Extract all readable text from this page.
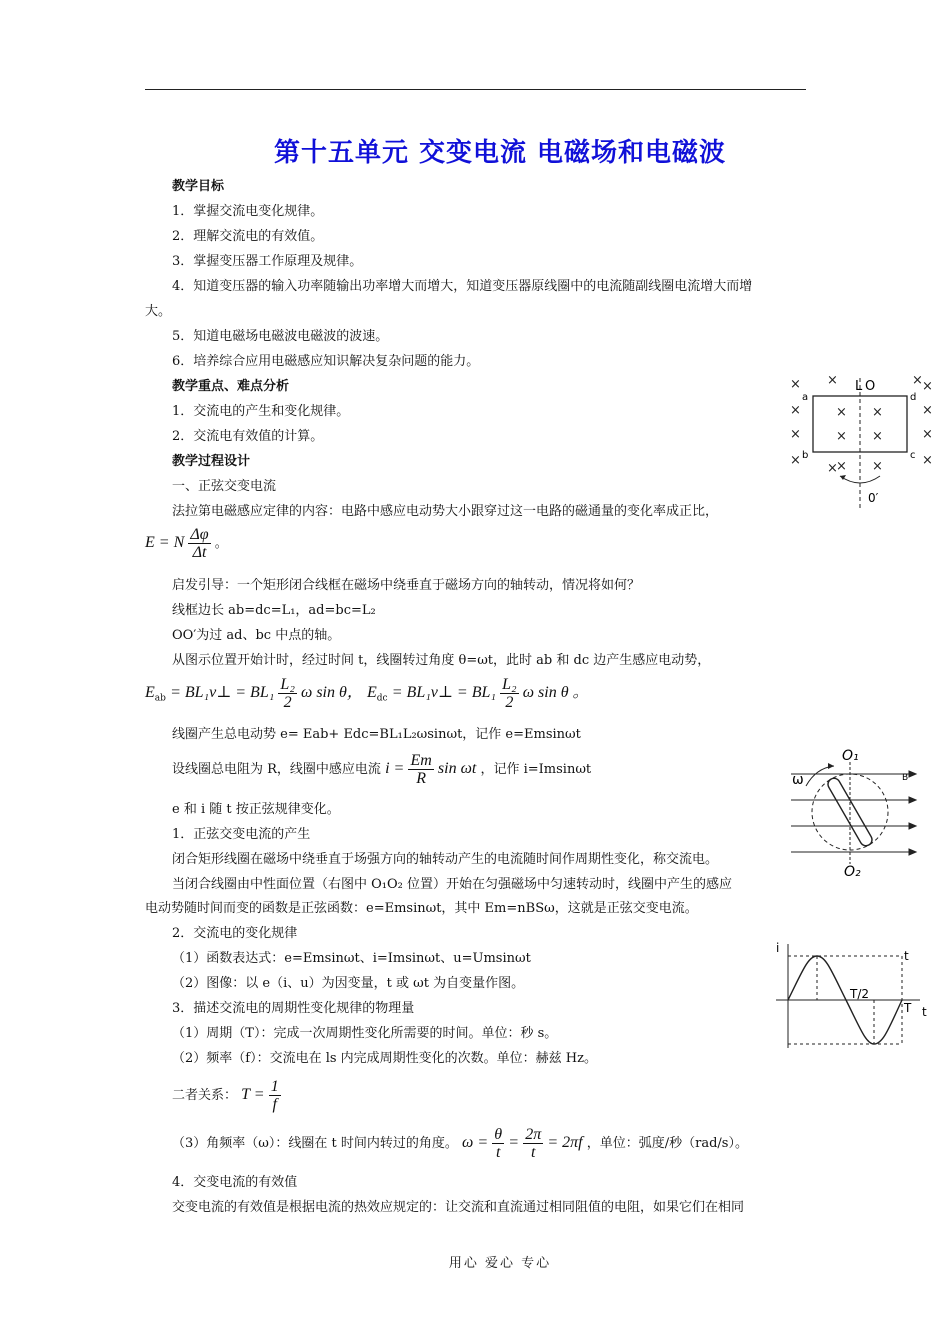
第十五单元 交变电流 电磁场和电磁波
教学目标
1．掌握交流电变化规律。
2．理解交流电的有效值。
3．掌握变压器工作原理及规律。
4．知道变压器的输入功率随输出功率增大而增大，知道变压器原线圈中的电流随副线圈电流增大而增
大。
5．知道电磁场电磁波电磁波的波速。
6．培养综合应用电磁感应知识解决复杂问题的能力。
教学重点、难点分析
1．交流电的产生和变化规律。
2．交流电有效值的计算。
教学过程设计
一、正弦交变电流
法拉第电磁感应定律的内容：电路中感应电动势大小跟穿过这一电路的磁通量的变化率成正比，
E = N $\frac{\Delta\varphi}{\Delta t}$ 。
启发引导：一个矩形闭合线框在磁场中绕垂直于磁场方向的轴转动，情况将如何？
线框边长 ab=dc=L₁，ad=bc=L₂
OO′为过 ad、bc 中点的轴。
从图示位置开始计时，经过时间 t，线圈转过角度 θ=ωt，此时 ab 和 dc 边产生感应电动势，
$E_{ab}$ = BL₁v⊥ = $BL_1 \frac{\text{L₂}}{2}$ ω sin θ， $E_{dc}$ = BL₁v⊥ = $BL_1 \frac{\text{L₂}}{2}$ ω sin θ 。
线圈产生总电动势 e= Eab+ Edc=BL₁L₂ωsinωt，记作 e=Emsinωt
设线圈总电阻为 R，线圈中感应电流 $i = \frac{Em}{R}$ sin ωt ，记作 i=Imsinωt
e 和 i 随 t 按正弦规律变化。
1．正弦交变电流的产生
闭合矩形线圈在磁场中绕垂直于场强方向的轴转动产生的电流随时间作周期性变化，称交流电。
当闭合线圈由中性面位置（右图中 O₁O₂ 位置）开始在匀强磁场中匀速转动时，线圈中产生的感应
电动势随时间而变的函数是正弦函数：e=Emsinωt，其中 Em=nBSω，这就是正弦交变电流。
2．交流电的变化规律
（1）函数表达式：e=Emsinωt、i=Imsinωt、u=Umsinωt
（2）图像：以 e（i、u）为因变量，t 或 ωt 为自变量作图。
3．描述交流电的周期性变化规律的物理量
（1）周期（T）：完成一次周期性变化所需要的时间。单位：秒 s。
（2）频率（f）：交流电在 ls 内完成周期性变化的次数。单位：赫兹 Hz。
二者关系： $T = \frac{1}{f}$
（3）角频率（ω）：线圈在 t 时间内转过的角度。 $\omega = \frac{\theta}{t} = \frac{2\pi}{t} = 2\pi f$ ，单位：弧度/秒（rad/s）。
4．交变电流的有效值
交变电流的有效值是根据电流的热效应规定的：让交流和直流通过相同阻值的电阻，如果它们在相同
用心 爱心 专心
× ×	× ×
×	×
×	×
×	×
× ×
× ×
× ×
×
L O
0′
a
b	c
d
O₁
O₂
ω	B
i
t
t
T/2
T
